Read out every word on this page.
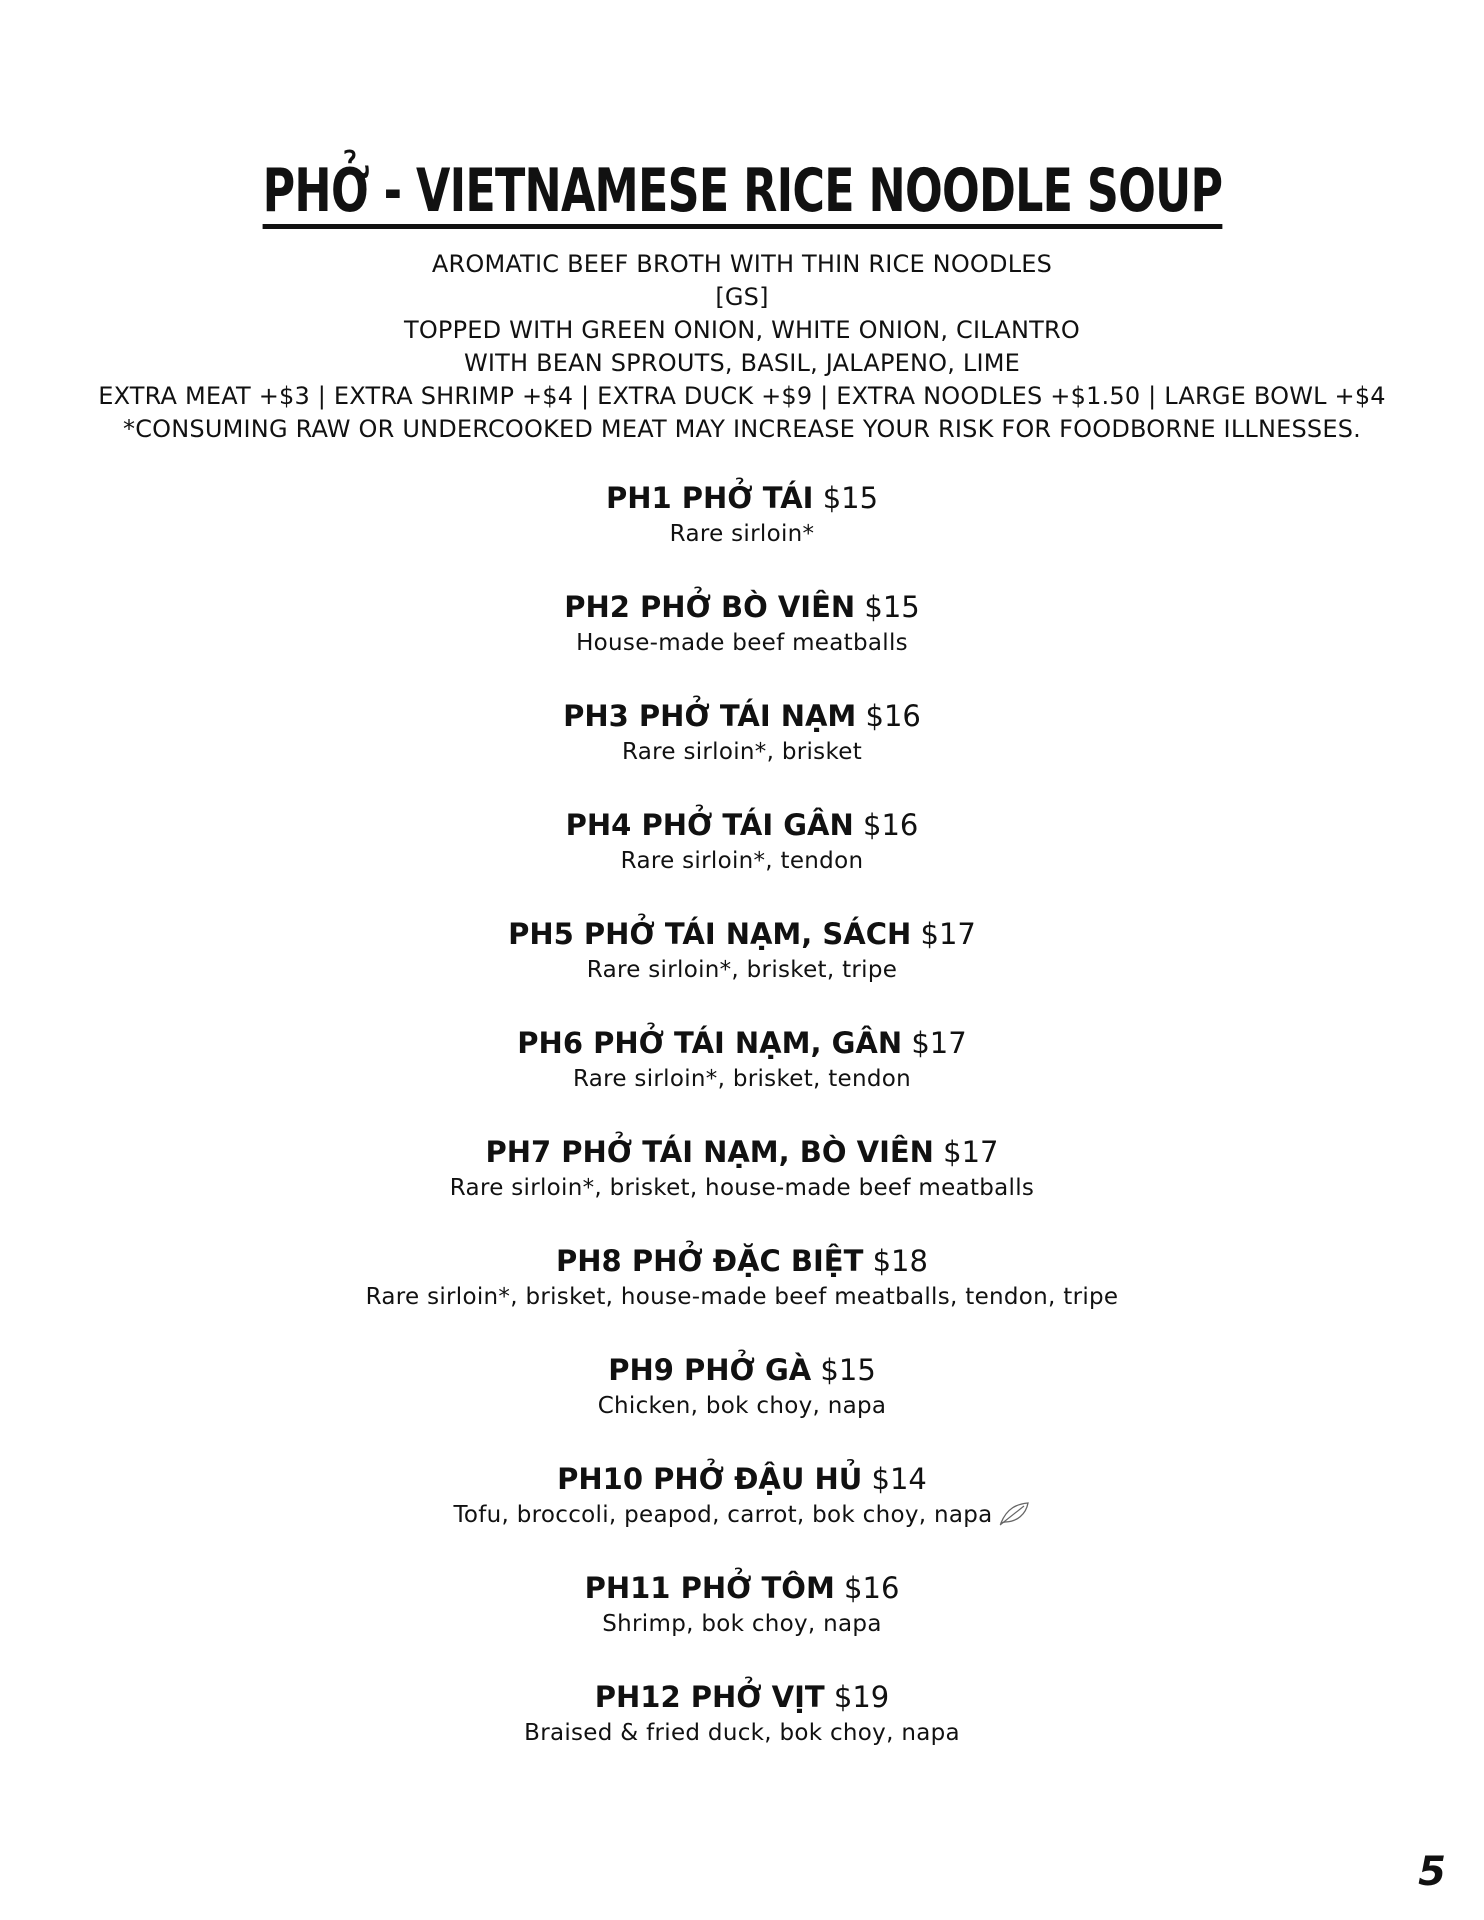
PHỞ - VIETNAMESE RICE NOODLE SOUP
AROMATIC BEEF BROTH WITH THIN RICE NOODLES
[GS]
TOPPED WITH GREEN ONION, WHITE ONION, CILANTRO
WITH BEAN SPROUTS, BASIL, JALAPENO, LIME
EXTRA MEAT +$3 | EXTRA SHRIMP +$4 | EXTRA DUCK +$9 | EXTRA NOODLES +$1.50 | LARGE BOWL +$4
*CONSUMING RAW OR UNDERCOOKED MEAT MAY INCREASE YOUR RISK FOR FOODBORNE ILLNESSES.
PH1 PHỞ TÁI $15
Rare sirloin*
PH2 PHỞ BÒ VIÊN $15
House-made beef meatballs
PH3 PHỞ TÁI NẠM $16
Rare sirloin*, brisket
PH4 PHỞ TÁI GÂN $16
Rare sirloin*, tendon
PH5 PHỞ TÁI NẠM, SÁCH $17
Rare sirloin*, brisket, tripe
PH6 PHỞ TÁI NẠM, GÂN $17
Rare sirloin*, brisket, tendon
PH7 PHỞ TÁI NẠM, BÒ VIÊN $17
Rare sirloin*, brisket, house-made beef meatballs
PH8 PHỞ ĐẶC BIỆT $18
Rare sirloin*, brisket, house-made beef meatballs, tendon, tripe
PH9 PHỞ GÀ $15
Chicken, bok choy, napa
PH10 PHỞ ĐẬU HỦ $14
Tofu, broccoli, peapod, carrot, bok choy, napa
PH11 PHỞ TÔM $16
Shrimp, bok choy, napa
PH12 PHỞ VỊT $19
Braised & fried duck, bok choy, napa
5
